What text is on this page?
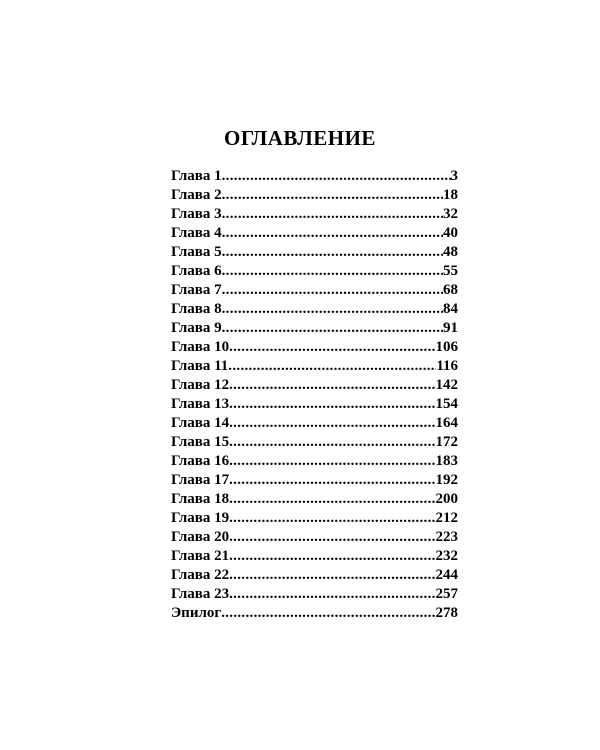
ОГЛАВЛЕНИЕ
Глава 1 .....	3
Глава 2 .....	18
Глава 3 .....	32
Глава 4 .....	40
Глава 5 .....	48
Глава 6 .....	55
Глава 7 .....	68
Глава 8 .....	84
Глава 9 .....	91
Глава 10 .....	106
Глава 11 .....	116
Глава 12 .....	142
Глава 13 .....	154
Глава 14 .....	164
Глава 15 .....	172
Глава 16 .....	183
Глава 17 .....	192
Глава 18 .....	200
Глава 19 .....	212
Глава 20 .....	223
Глава 21 .....	232
Глава 22 .....	244
Глава 23 .....	257
Эпилог .....	278
